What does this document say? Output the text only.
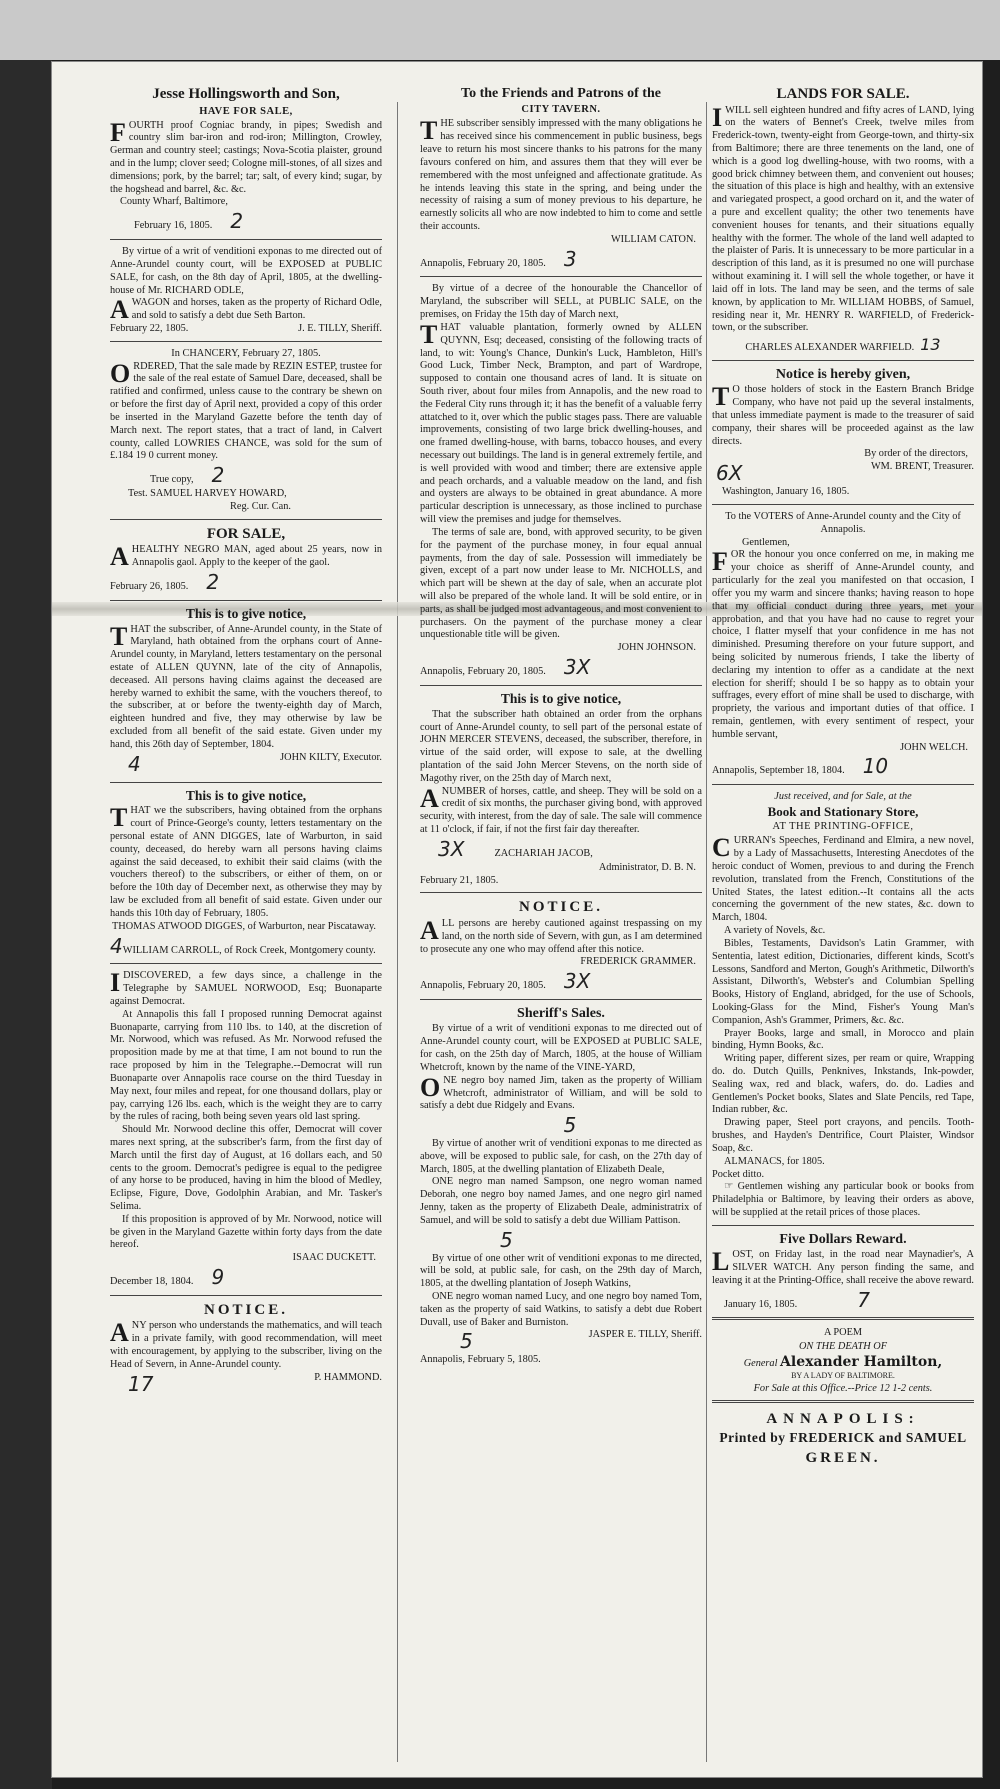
Jesse Hollingsworth and Son,
HAVE FOR SALE,
FOURTH proof Cogniac brandy, in pipes; Swedish and country slim bar-iron and rod-iron; Millington, Crowley, German and country steel; castings; Nova-Scotia plaister, ground and in the lump; clover seed; Cologne mill-stones, of all sizes and dimensions; pork, by the barrel; tar; salt, of every kind; sugar, by the hogshead and barrel, &c. &c.
County Wharf, Baltimore,
February 16, 1805. 2
By virtue of a writ of venditioni exponas to me directed out of Anne-Arundel county court, will be EXPOSED at PUBLIC SALE, for cash, on the 8th day of April, 1805, at the dwelling-house of Mr. RICHARD ODLE,
AWAGON and horses, taken as the property of Richard Odle, and sold to satisfy a debt due Seth Barton.
February 22, 1805.	J. E. TILLY, Sheriff.
In CHANCERY, February 27, 1805.
ORDERED, That the sale made by REZIN ESTEP, trustee for the sale of the real estate of Samuel Dare, deceased, shall be ratified and confirmed, unless cause to the contrary be shewn on or before the first day of April next, provided a copy of this order be inserted in the Maryland Gazette before the tenth day of March next. The report states, that a tract of land, in Calvert county, called LOWRIES CHANCE, was sold for the sum of £.184 19 0 current money.
True copy, 2
Test. SAMUEL HARVEY HOWARD,
Reg. Cur. Can.
FOR SALE,
AHEALTHY NEGRO MAN, aged about 25 years, now in Annapolis gaol. Apply to the keeper of the gaol.
February 26, 1805. 2
This is to give notice,
THAT the subscriber, of Anne-Arundel county, in the State of Maryland, hath obtained from the orphans court of Anne-Arundel county, in Maryland, letters testamentary on the personal estate of ALLEN QUYNN, late of the city of Annapolis, deceased. All persons having claims against the deceased are hereby warned to exhibit the same, with the vouchers thereof, to the subscriber, at or before the twenty-eighth day of March, eighteen hundred and five, they may otherwise by law be excluded from all benefit of the said estate. Given under my hand, this 26th day of September, 1804.
4	JOHN KILTY, Executor.
This is to give notice,
THAT we the subscribers, having obtained from the orphans court of Prince-George's county, letters testamentary on the personal estate of ANN DIGGES, late of Warburton, in said county, deceased, do hereby warn all persons having claims against the said deceased, to exhibit their said claims (with the vouchers thereof) to the subscribers, or either of them, on or before the 10th day of December next, as otherwise they may by law be excluded from all benefit of said estate. Given under our hands this 10th day of February, 1805.
THOMAS ATWOOD DIGGES, of Warburton, near Piscataway.
4WILLIAM CARROLL, of Rock Creek, Montgomery county.
IDISCOVERED, a few days since, a challenge in the Telegraphe by SAMUEL NORWOOD, Esq; Buonaparte against Democrat.
At Annapolis this fall I proposed running Democrat against Buonaparte, carrying from 110 lbs. to 140, at the discretion of Mr. Norwood, which was refused. As Mr. Norwood refused the proposition made by me at that time, I am not bound to run the race proposed by him in the Telegraphe.--Democrat will run Buonaparte over Annapolis race course on the third Tuesday in May next, four miles and repeat, for one thousand dollars, play or pay, carrying 126 lbs. each, which is the weight they are to carry by the rules of racing, both being seven years old last spring.
Should Mr. Norwood decline this offer, Democrat will cover mares next spring, at the subscriber's farm, from the first day of March until the first day of August, at 16 dollars each, and 50 cents to the groom. Democrat's pedigree is equal to the pedigree of any horse to be produced, having in him the blood of Medley, Eclipse, Figure, Dove, Godolphin Arabian, and Mr. Tasker's Selima.
If this proposition is approved of by Mr. Norwood, notice will be given in the Maryland Gazette within forty days from the date hereof.
ISAAC DUCKETT.
December 18, 1804. 9
NOTICE.
ANY person who understands the mathematics, and will teach in a private family, with good recommendation, will meet with encouragement, by applying to the subscriber, living on the Head of Severn, in Anne-Arundel county.
17	P. HAMMOND.
To the Friends and Patrons of the
CITY TAVERN.
THE subscriber sensibly impressed with the many obligations he has received since his commencement in public business, begs leave to return his most sincere thanks to his patrons for the many favours confered on him, and assures them that they will ever be remembered with the most unfeigned and affectionate gratitude. As he intends leaving this state in the spring, and being under the necessity of raising a sum of money previous to his departure, he earnestly solicits all who are now indebted to him to come and settle their accounts.
WILLIAM CATON.
Annapolis, February 20, 1805. 3
By virtue of a decree of the honourable the Chancellor of Maryland, the subscriber will SELL, at PUBLIC SALE, on the premises, on Friday the 15th day of March next,
THAT valuable plantation, formerly owned by ALLEN QUYNN, Esq; deceased, consisting of the following tracts of land, to wit: Young's Chance, Dunkin's Luck, Hambleton, Hill's Good Luck, Timber Neck, Brampton, and part of Wardrope, supposed to contain one thousand acres of land. It is situate on South river, about four miles from Annapolis, and the new road to the Federal City runs through it; it has the benefit of a valuable ferry attatched to it, over which the public stages pass. There are valuable improvements, consisting of two large brick dwelling-houses, and one framed dwelling-house, with barns, tobacco houses, and every necessary out buildings. The land is in general extremely fertile, and is well provided with wood and timber; there are extensive apple and peach orchards, and a valuable meadow on the land, and fish and oysters are always to be obtained in great abundance. A more particular description is unnecessary, as those inclined to purchase will view the premises and judge for themselves.
The terms of sale are, bond, with approved security, to be given for the payment of the purchase money, in four equal annual payments, from the day of sale. Possession will immediately be given, except of a part now under lease to Mr. NICHOLLS, and which part will be shewn at the day of sale, when an accurate plot will also be prepared of the whole land. It will be sold entire, or in parts, as shall be judged most advantageous, and most convenient to purchasers. On the payment of the purchase money a clear unquestionable title will be given.
JOHN JOHNSON.
Annapolis, February 20, 1805. 3X
This is to give notice,
That the subscriber hath obtained an order from the orphans court of Anne-Arundel county, to sell part of the personal estate of JOHN MERCER STEVENS, deceased, the subscriber, therefore, in virtue of the said order, will expose to sale, at the dwelling plantation of the said John Mercer Stevens, on the north side of Magothy river, on the 25th day of March next,
ANUMBER of horses, cattle, and sheep. They will be sold on a credit of six months, the purchaser giving bond, with approved security, with interest, from the day of sale. The sale will commence at 11 o'clock, if fair, if not the first fair day thereafter.
3X	ZACHARIAH JACOB,
Administrator, D. B. N.
February 21, 1805.
NOTICE.
ALL persons are hereby cautioned against trespassing on my land, on the north side of Severn, with gun, as I am determined to prosecute any one who may offend after this notice.
FREDERICK GRAMMER.
Annapolis, February 20, 1805. 3X
Sheriff's Sales.
By virtue of a writ of venditioni exponas to me directed out of Anne-Arundel county court, will be EXPOSED at PUBLIC SALE, for cash, on the 25th day of March, 1805, at the house of William Whetcroft, known by the name of the VINE-YARD,
ONE negro boy named Jim, taken as the property of William Whetcroft, administrator of William, and will be sold to satisfy a debt due Ridgely and Evans.
5
By virtue of another writ of venditioni exponas to me directed as above, will be exposed to public sale, for cash, on the 27th day of March, 1805, at the dwelling plantation of Elizabeth Deale,
ONE negro man named Sampson, one negro woman named Deborah, one negro boy named James, and one negro girl named Jenny, taken as the property of Elizabeth Deale, administratrix of Samuel, and will be sold to satisfy a debt due William Pattison.
5
By virtue of one other writ of venditioni exponas to me directed, will be sold, at public sale, for cash, on the 29th day of March, 1805, at the dwelling plantation of Joseph Watkins,
ONE negro woman named Lucy, and one negro boy named Tom, taken as the property of said Watkins, to satisfy a debt due Robert Duvall, use of Baker and Burniston.
5	JASPER E. TILLY, Sheriff.
Annapolis, February 5, 1805.
LANDS FOR SALE.
IWILL sell eighteen hundred and fifty acres of LAND, lying on the waters of Bennet's Creek, twelve miles from Frederick-town, twenty-eight from George-town, and thirty-six from Baltimore; there are three tenements on the land, one of which is a good log dwelling-house, with two rooms, with a good brick chimney between them, and convenient out houses; the situation of this place is high and healthy, with an extensive and variegated prospect, a good orchard on it, and the water of a pure and excellent quality; the other two tenements have convenient houses for tenants, and their situations equally healthy with the former. The whole of the land well adapted to the plaister of Paris. It is unnecessary to be more particular in a description of this land, as it is presumed no one will purchase without examining it. I will sell the whole together, or have it laid off in lots. The land may be seen, and the terms of sale known, by application to Mr. WILLIAM HOBBS, of Samuel, residing near it, Mr. HENRY R. WARFIELD, of Frederick-town, or the subscriber.
CHARLES ALEXANDER WARFIELD. 13
Notice is hereby given,
TO those holders of stock in the Eastern Branch Bridge Company, who have not paid up the several instalments, that unless immediate payment is made to the treasurer of said company, their shares will be proceeded against as the law directs.
By order of the directors,
6X	WM. BRENT, Treasurer.
Washington, January 16, 1805.
To the VOTERS of Anne-Arundel county and the City of Annapolis.
Gentlemen,
FOR the honour you once conferred on me, in making me your choice as sheriff of Anne-Arundel county, and particularly for the zeal you manifested on that occasion, I offer you my warm and sincere thanks; having reason to hope that my official conduct during three years, met your approbation, and that you have had no cause to regret your choice, I flatter myself that your confidence in me has not diminished. Presuming therefore on your future support, and being solicited by numerous friends, I take the liberty of declaring my intention to offer as a candidate at the next election for sheriff; should I be so happy as to obtain your suffrages, every effort of mine shall be used to discharge, with propriety, the various and important duties of that office. I remain, gentlemen, with every sentiment of respect, your humble servant,
JOHN WELCH.
Annapolis, September 18, 1804. 10
Just received, and for Sale, at the
Book and Stationary Store,
AT THE PRINTING-OFFICE,
CURRAN's Speeches, Ferdinand and Elmira, a new novel, by a Lady of Massachusetts, Interesting Anecdotes of the heroic conduct of Women, previous to and during the French revolution, translated from the French, Constitutions of the United States, the latest edition.--It contains all the acts concerning the government of the new states, &c. down to March, 1804.
A variety of Novels, &c.
Bibles, Testaments, Davidson's Latin Grammer, with Sententia, latest edition, Dictionaries, different kinds, Scott's Lessons, Sandford and Merton, Gough's Arithmetic, Dilworth's Assistant, Dilworth's, Webster's and Columbian Spelling Books, History of England, abridged, for the use of Schools, Looking-Glass for the Mind, Fisher's Young Man's Companion, Ash's Grammer, Primers, &c. &c.
Prayer Books, large and small, in Morocco and plain binding, Hymn Books, &c.
Writing paper, different sizes, per ream or quire, Wrapping do. do. Dutch Quills, Penknives, Inkstands, Ink-powder, Sealing wax, red and black, wafers, do. do. Ladies and Gentlemen's Pocket books, Slates and Slate Pencils, red Tape, Indian rubber, &c.
Drawing paper, Steel port crayons, and pencils. Tooth-brushes, and Hayden's Dentrifice, Court Plaister, Windsor Soap, &c.
ALMANACS, for 1805.
Pocket ditto.
☞ Gentlemen wishing any particular book or books from Philadelphia or Baltimore, by leaving their orders as above, will be supplied at the retail prices of those places.
Five Dollars Reward.
LOST, on Friday last, in the road near Maynadier's, A SILVER WATCH. Any person finding the same, and leaving it at the Printing-Office, shall receive the above reward.
January 16, 1805.	7
A POEM
ON THE DEATH OF
General Alexander Hamilton,
BY A LADY OF BALTIMORE.
For Sale at this Office.--Price 12 1-2 cents.
ANNAPOLIS:
Printed by FREDERICK and SAMUEL
GREEN.
